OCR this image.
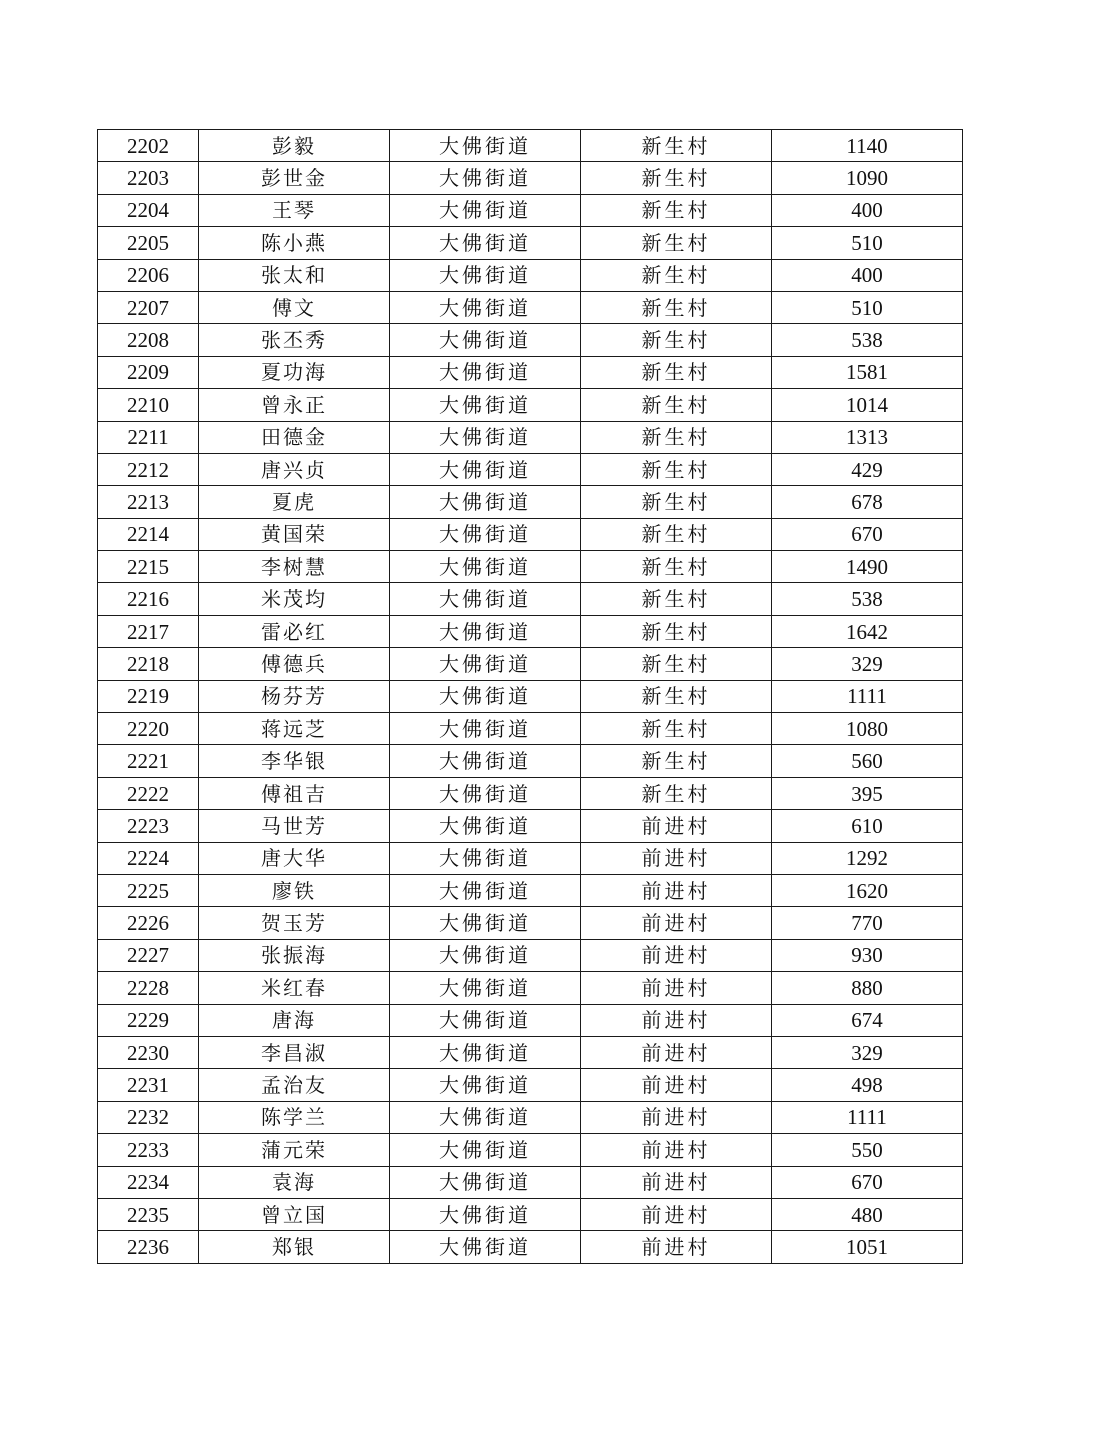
2202	彭毅	大佛街道	新生村	1140
2203	彭世金	大佛街道	新生村	1090
2204	王琴	大佛街道	新生村	400
2205	陈小燕	大佛街道	新生村	510
2206	张太和	大佛街道	新生村	400
2207	傅文	大佛街道	新生村	510
2208	张丕秀	大佛街道	新生村	538
2209	夏功海	大佛街道	新生村	1581
2210	曾永正	大佛街道	新生村	1014
2211	田德金	大佛街道	新生村	1313
2212	唐兴贞	大佛街道	新生村	429
2213	夏虎	大佛街道	新生村	678
2214	黄国荣	大佛街道	新生村	670
2215	李树慧	大佛街道	新生村	1490
2216	米茂均	大佛街道	新生村	538
2217	雷必红	大佛街道	新生村	1642
2218	傅德兵	大佛街道	新生村	329
2219	杨芬芳	大佛街道	新生村	1111
2220	蒋远芝	大佛街道	新生村	1080
2221	李华银	大佛街道	新生村	560
2222	傅祖吉	大佛街道	新生村	395
2223	马世芳	大佛街道	前进村	610
2224	唐大华	大佛街道	前进村	1292
2225	廖铁	大佛街道	前进村	1620
2226	贺玉芳	大佛街道	前进村	770
2227	张振海	大佛街道	前进村	930
2228	米红春	大佛街道	前进村	880
2229	唐海	大佛街道	前进村	674
2230	李昌淑	大佛街道	前进村	329
2231	孟治友	大佛街道	前进村	498
2232	陈学兰	大佛街道	前进村	1111
2233	蒲元荣	大佛街道	前进村	550
2234	袁海	大佛街道	前进村	670
2235	曾立国	大佛街道	前进村	480
2236	郑银	大佛街道	前进村	1051
